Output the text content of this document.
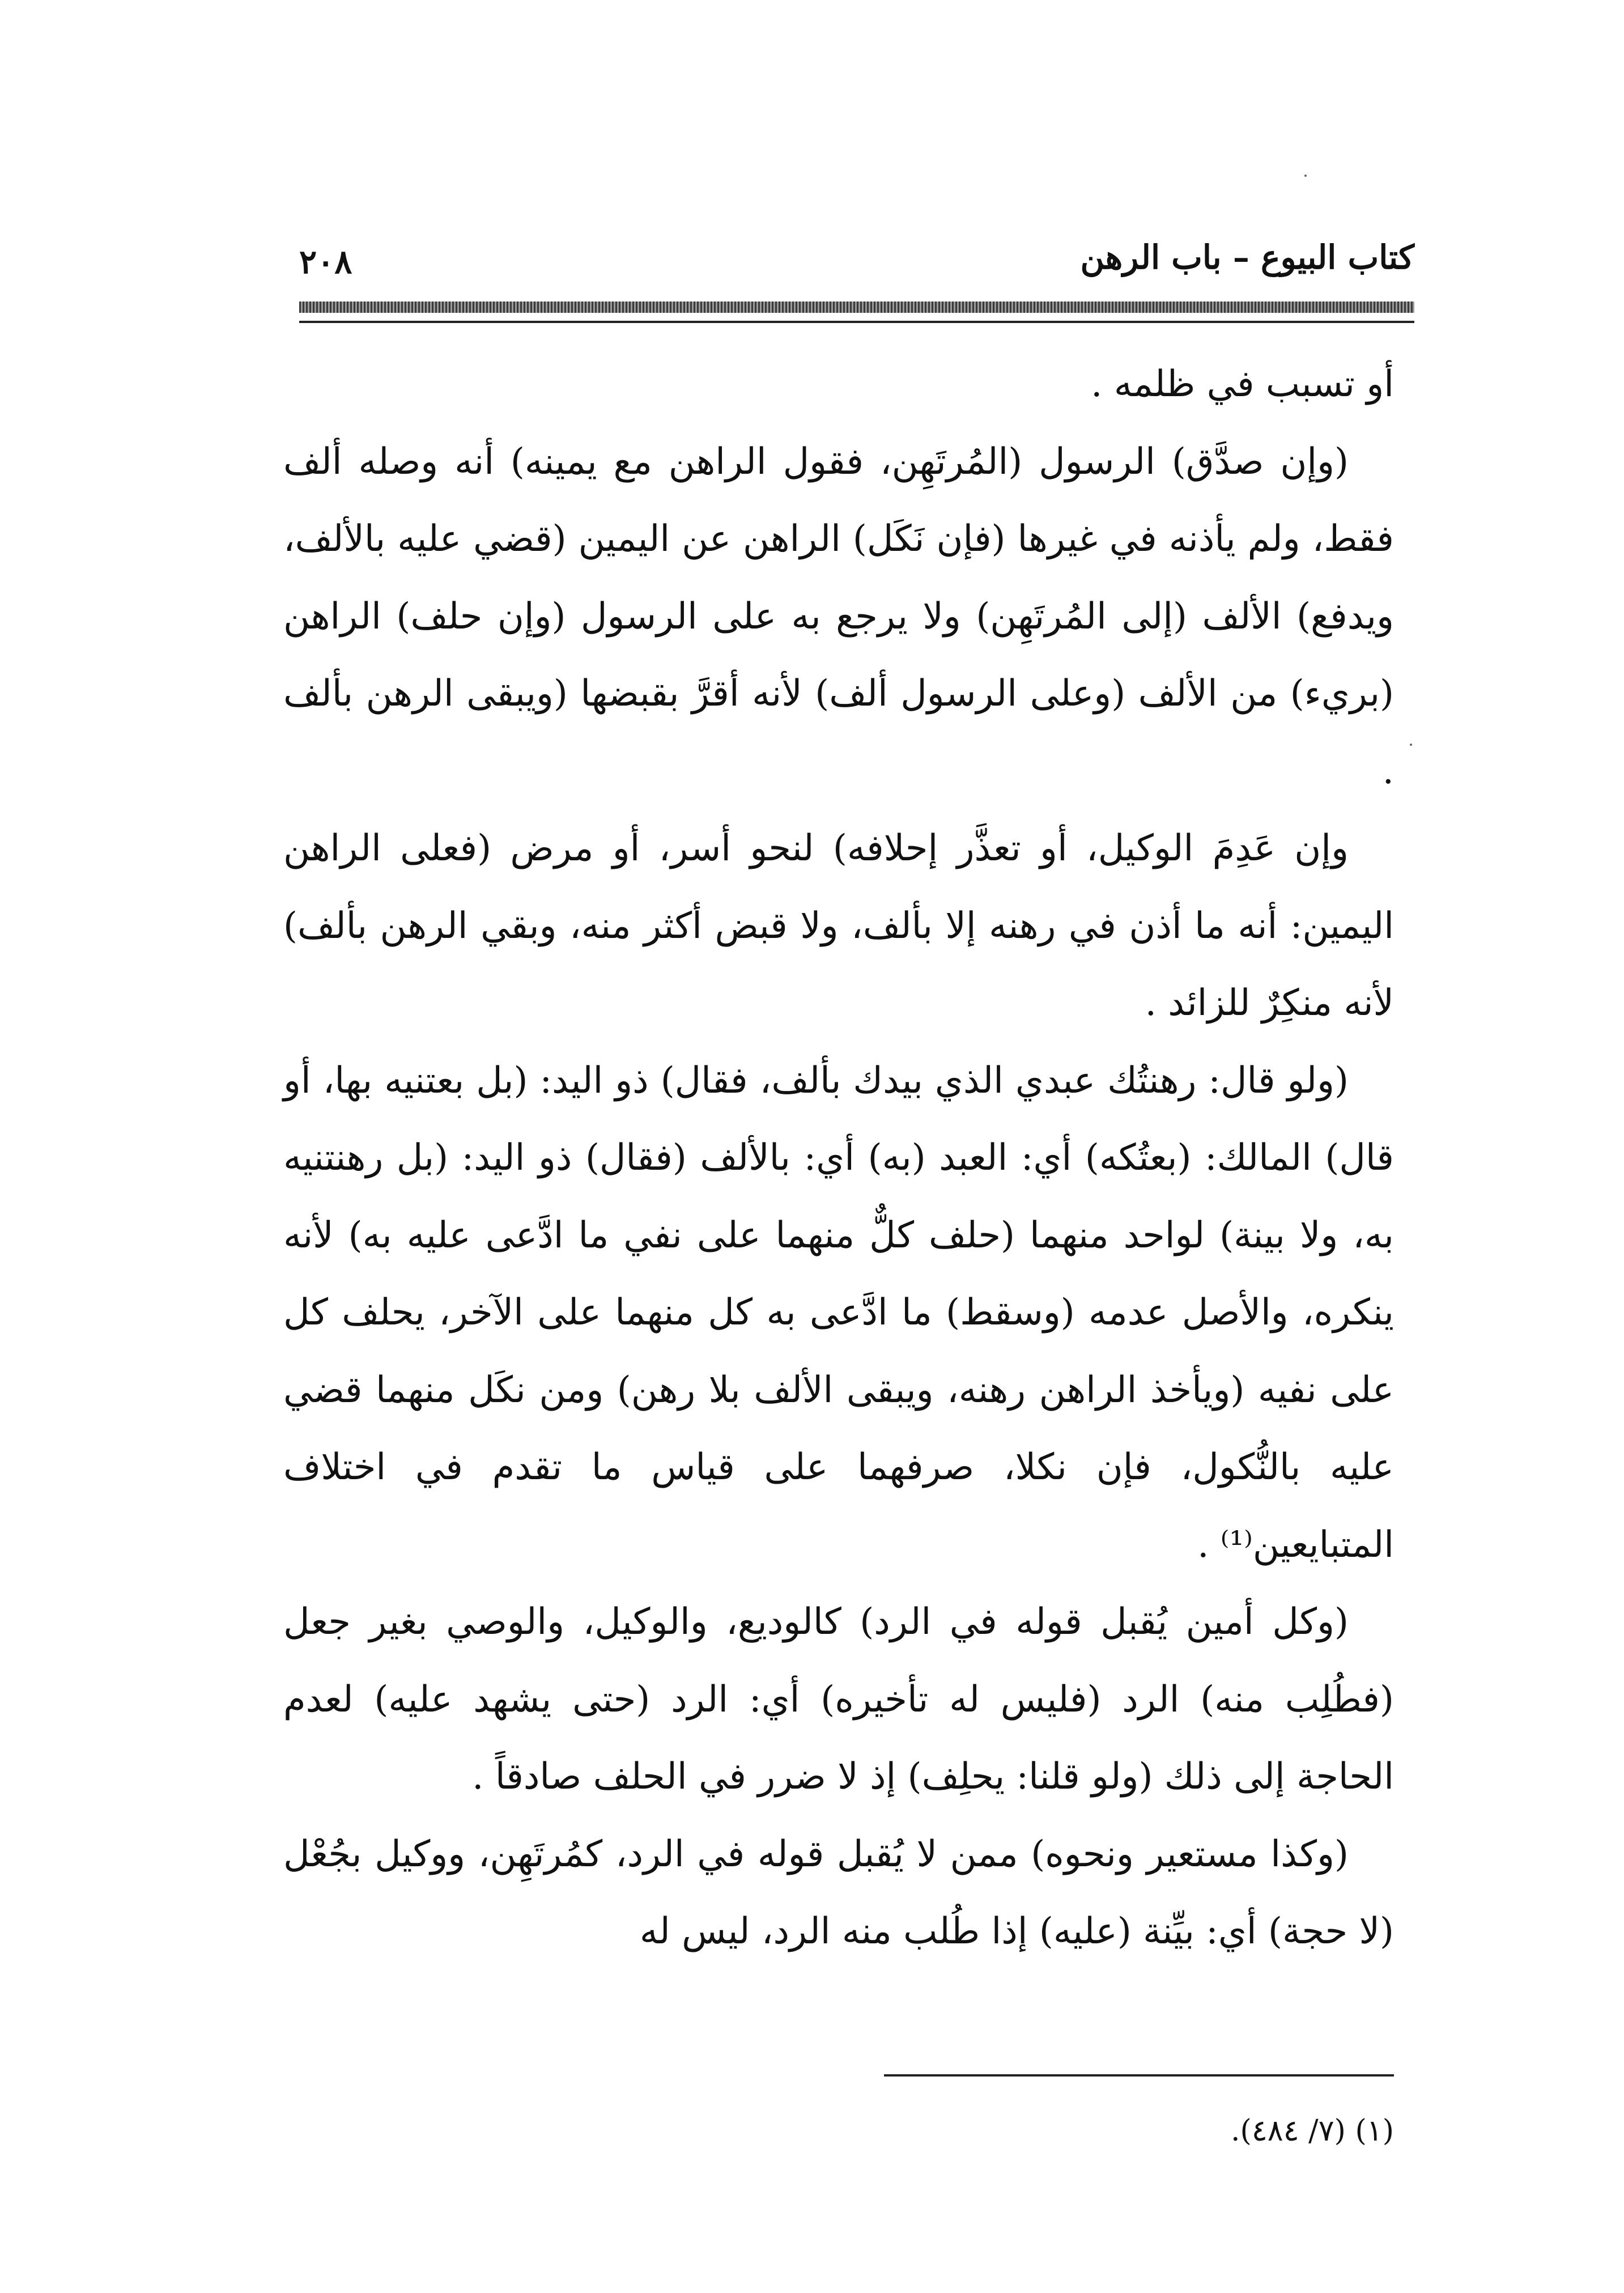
كتاب البيوع – باب الرهن
٢٠٨

أو تسبب في ظلمه .

(وإن صدَّق) الرسول (المُرتَهِن، فقول الراهن مع يمينه) أنه وصله ألف فقط، ولم يأذنه في غيرها (فإن نَكَل) الراهن عن اليمين (قضي عليه بالألف، ويدفع) الألف (إلى المُرتَهِن) ولا يرجع به على الرسول (وإن حلف) الراهن (بريء) من الألف (وعلى الرسول ألف) لأنه أقرَّ بقبضها (ويبقى الرهن بألف .

وإن عَدِمَ الوكيل، أو تعذَّر إحلافه) لنحو أسر، أو مرض (فعلى الراهن اليمين: أنه ما أذن في رهنه إلا بألف، ولا قبض أكثر منه، وبقي الرهن بألف) لأنه منكِرٌ للزائد .

(ولو قال: رهنتُك عبدي الذي بيدك بألف، فقال) ذو اليد: (بل بعتنيه بها، أو قال) المالك: (بعتُكه) أي: العبد (به) أي: بالألف (فقال) ذو اليد: (بل رهنتنيه به، ولا بينة) لواحد منهما (حلف كلٌّ منهما على نفي ما ادَّعى عليه به) لأنه ينكره، والأصل عدمه (وسقط) ما ادَّعى به كل منهما على الآخر، يحلف كل على نفيه (ويأخذ الراهن رهنه، ويبقى الألف بلا رهن) ومن نكَل منهما قضي عليه بالنُّكول، فإن نكلا، صرفهما على قياس ما تقدم في اختلاف المتبايعين⁽¹⁾ .

(وكل أمين يُقبل قوله في الرد) كالوديع، والوكيل، والوصي بغير جعل (فطُلِب منه) الرد (فليس له تأخيره) أي: الرد (حتى يشهد عليه) لعدم الحاجة إلى ذلك (ولو قلنا: يحلِف) إذ لا ضرر في الحلف صادقاً .

(وكذا مستعير ونحوه) ممن لا يُقبل قوله في الرد، كمُرتَهِن، ووكيل بجُعْل (لا حجة) أي: بيِّنة (عليه) إذا طُلب منه الرد، ليس له

(١) (٧/ ٤٨٤).
